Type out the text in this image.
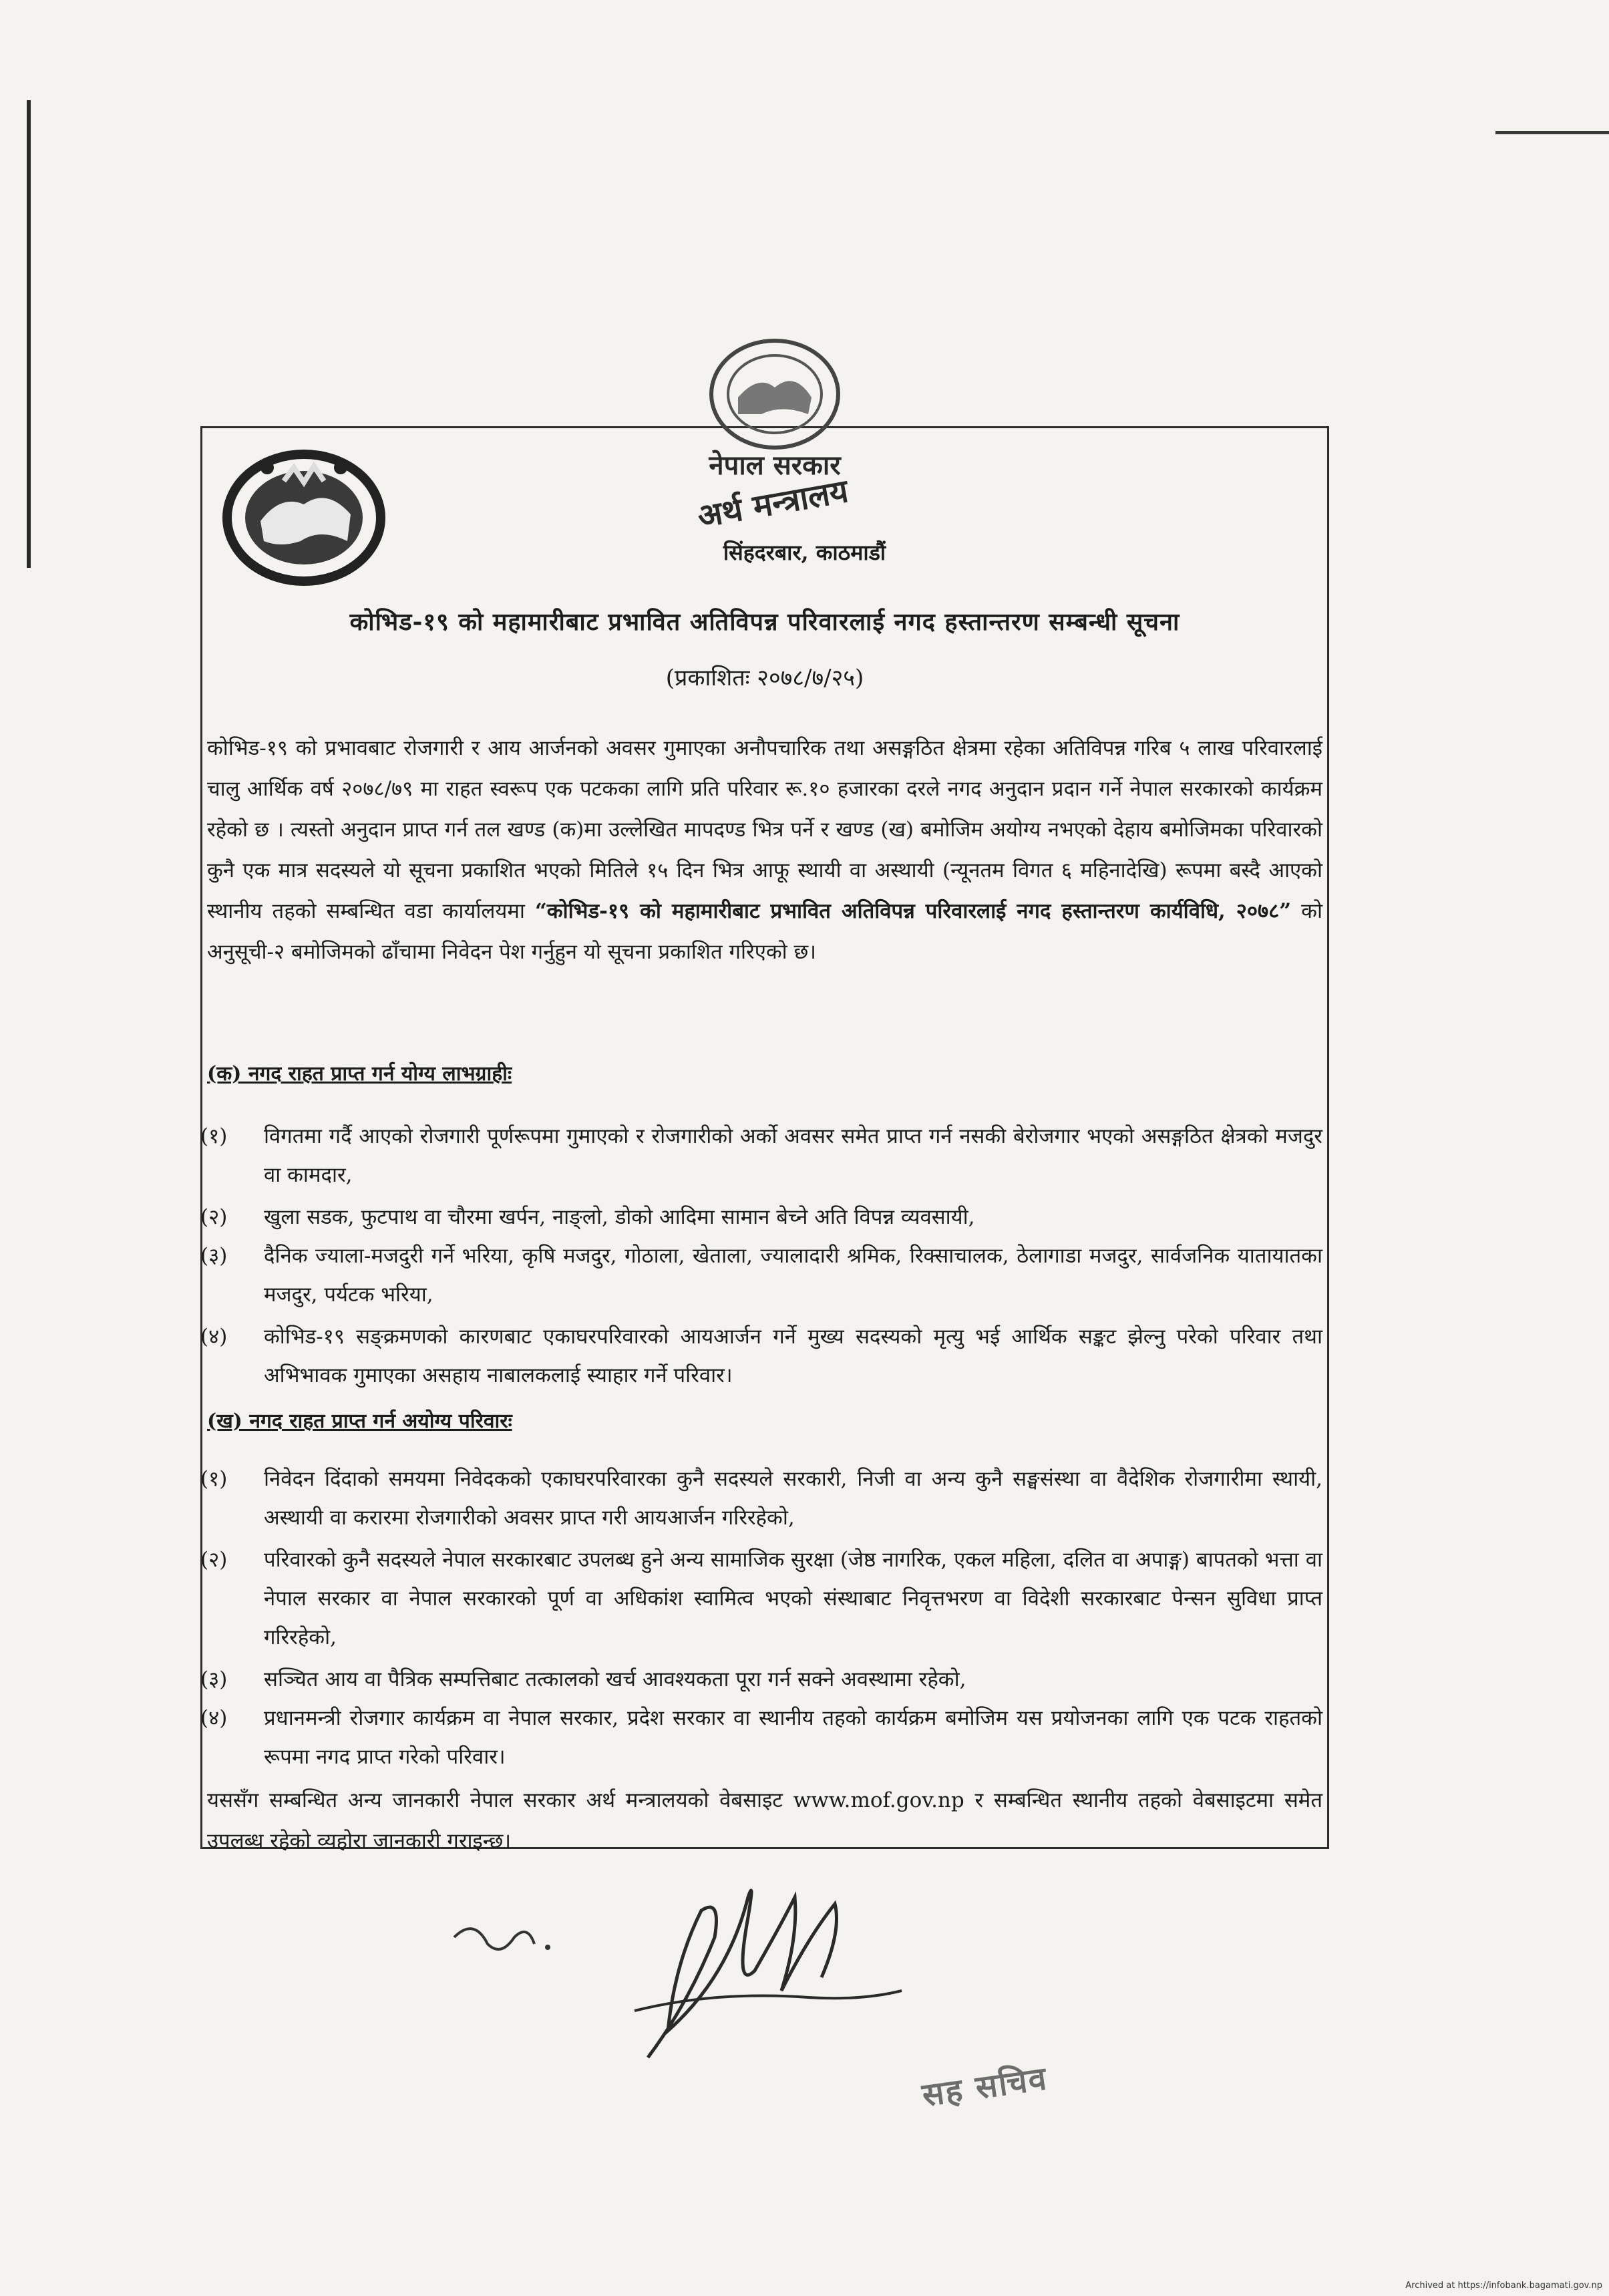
नेपाल सरकार
अर्थ मन्त्रालय
सिंहदरबार, काठमाडौं
कोभिड-१९ को महामारीबाट प्रभावित अतिविपन्न परिवारलाई नगद हस्तान्तरण सम्बन्धी सूचना
(प्रकाशितः २०७८/७/२५)

कोभिड-१९ को प्रभावबाट रोजगारी र आय आर्जनको अवसर गुमाएका अनौपचारिक तथा असङ्गठित क्षेत्रमा रहेका अतिविपन्न गरिब ५ लाख परिवारलाई चालु आर्थिक वर्ष २०७८/७९ मा राहत स्वरूप एक पटकका लागि प्रति परिवार रू.१० हजारका दरले नगद अनुदान प्रदान गर्ने नेपाल सरकारको कार्यक्रम रहेको छ । त्यस्तो अनुदान प्राप्त गर्न तल खण्ड (क)मा उल्लेखित मापदण्ड भित्र पर्ने र खण्ड (ख) बमोजिम अयोग्य नभएको देहाय बमोजिमका परिवारको कुनै एक मात्र सदस्यले यो सूचना प्रकाशित भएको मितिले १५ दिन भित्र आफू स्थायी वा अस्थायी (न्यूनतम विगत ६ महिनादेखि) रूपमा बस्दै आएको स्थानीय तहको सम्बन्धित वडा कार्यालयमा “कोभिड-१९ को महामारीबाट प्रभावित अतिविपन्न परिवारलाई नगद हस्तान्तरण कार्यविधि, २०७८” को अनुसूची-२ बमोजिमको ढाँचामा निवेदन पेश गर्नुहुन यो सूचना प्रकाशित गरिएको छ।

(क) नगद राहत प्राप्त गर्न योग्य लाभग्राहीः
(१)	विगतमा गर्दै आएको रोजगारी पूर्णरूपमा गुमाएको र रोजगारीको अर्को अवसर समेत प्राप्त गर्न नसकी बेरोजगार भएको असङ्गठित क्षेत्रको मजदुर वा कामदार,
(२)	खुला सडक, फुटपाथ वा चौरमा खर्पन, नाङ्लो, डोको आदिमा सामान बेच्ने अति विपन्न व्यवसायी,
(३)	दैनिक ज्याला-मजदुरी गर्ने भरिया, कृषि मजदुर, गोठाला, खेताला, ज्यालादारी श्रमिक, रिक्साचालक, ठेलागाडा मजदुर, सार्वजनिक यातायातका मजदुर, पर्यटक भरिया,
(४)	कोभिड-१९ सङ्क्रमणको कारणबाट एकाघरपरिवारको आयआर्जन गर्ने मुख्य सदस्यको मृत्यु भई आर्थिक सङ्कट झेल्नु परेको परिवार तथा अभिभावक गुमाएका असहाय नाबालकलाई स्याहार गर्ने परिवार।
(ख) नगद राहत प्राप्त गर्न अयोग्य परिवारः
(१)	निवेदन दिंदाको समयमा निवेदकको एकाघरपरिवारका कुनै सदस्यले सरकारी, निजी वा अन्य कुनै सङ्घसंस्था वा वैदेशिक रोजगारीमा स्थायी, अस्थायी वा करारमा रोजगारीको अवसर प्राप्त गरी आयआर्जन गरिरहेको,
(२)	परिवारको कुनै सदस्यले नेपाल सरकारबाट उपलब्ध हुने अन्य सामाजिक सुरक्षा (जेष्ठ नागरिक, एकल महिला, दलित वा अपाङ्ग) बापतको भत्ता वा नेपाल सरकार वा नेपाल सरकारको पूर्ण वा अधिकांश स्वामित्व भएको संस्थाबाट निवृत्तभरण वा विदेशी सरकारबाट पेन्सन सुविधा प्राप्त गरिरहेको,
(३)	सञ्चित आय वा पैत्रिक सम्पत्तिबाट तत्कालको खर्च आवश्यकता पूरा गर्न सक्ने अवस्थामा रहेको,
(४)	प्रधानमन्त्री रोजगार कार्यक्रम वा नेपाल सरकार, प्रदेश सरकार वा स्थानीय तहको कार्यक्रम बमोजिम यस प्रयोजनका लागि एक पटक राहतको रूपमा नगद प्राप्त गरेको परिवार।

यससँग सम्बन्धित अन्य जानकारी नेपाल सरकार अर्थ मन्त्रालयको वेबसाइट www.mof.gov.np र सम्बन्धित स्थानीय तहको वेबसाइटमा समेत उपलब्ध रहेको व्यहोरा जानकारी गराइन्छ।

सह सचिव
Archived at https://infobank.bagamati.gov.np
